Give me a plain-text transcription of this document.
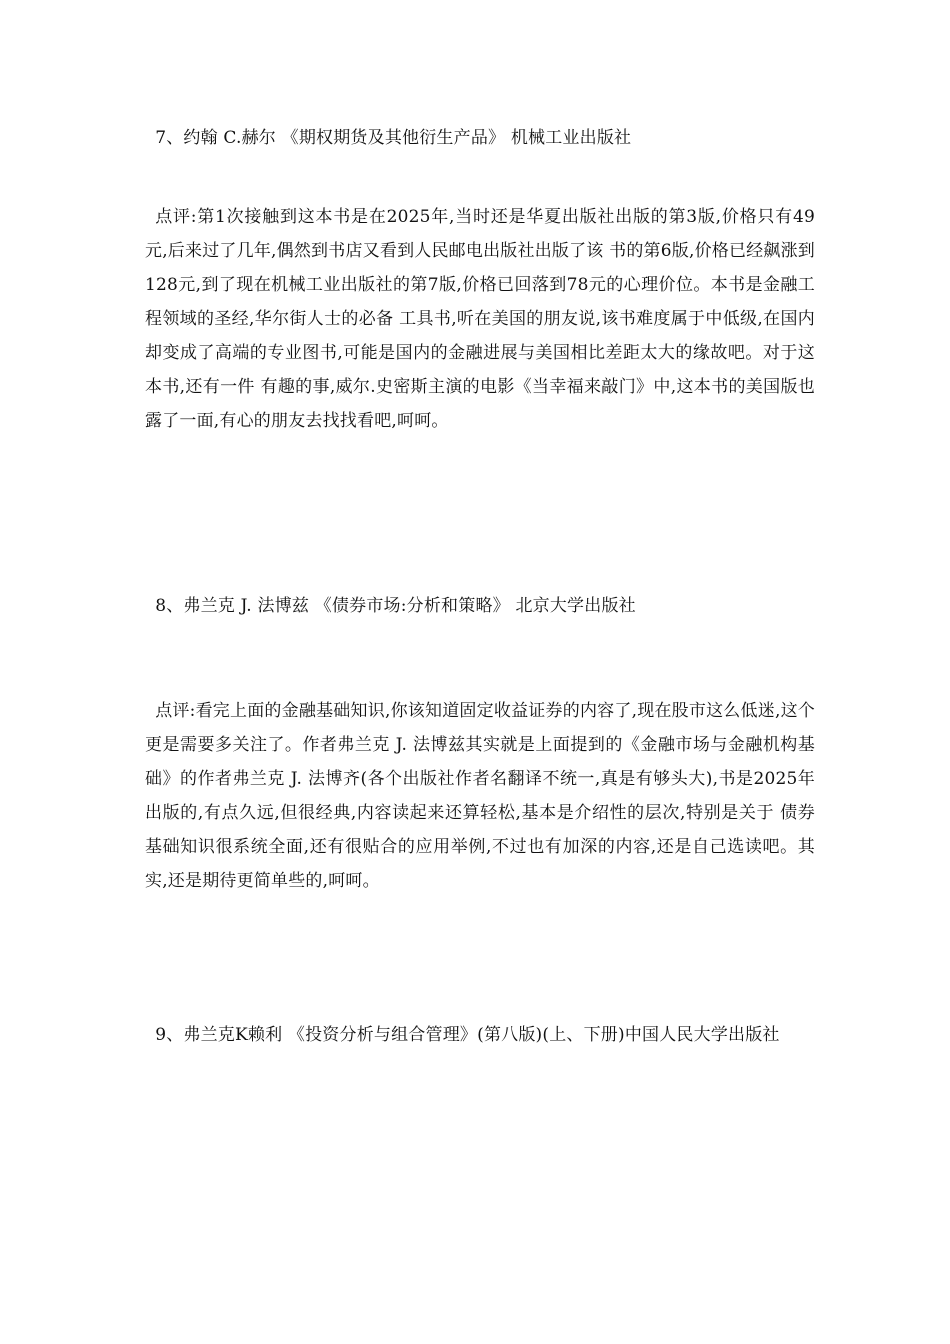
7、约翰 C.赫尔 《期权期货及其他衍生产品》 机械工业出版社
点评:第1次接触到这本书是在2025年,当时还是华夏出版社出版的第3版,价格只有49元,后来过了几年,偶然到书店又看到人民邮电出版社出版了该 书的第6版,价格已经飙涨到128元,到了现在机械工业出版社的第7版,价格已回落到78元的心理价位。本书是金融工程领域的圣经,华尔街人士的必备 工具书,听在美国的朋友说,该书难度属于中低级,在国内却变成了高端的专业图书,可能是国内的金融进展与美国相比差距太大的缘故吧。对于这本书,还有一件 有趣的事,威尔.史密斯主演的电影《当幸福来敲门》中,这本书的美国版也露了一面,有心的朋友去找找看吧,呵呵。
8、弗兰克 J. 法博兹 《债券市场:分析和策略》 北京大学出版社
点评:看完上面的金融基础知识,你该知道固定收益证券的内容了,现在股市这么低迷,这个更是需要多关注了。作者弗兰克 J. 法博兹其实就是上面提到的《金融市场与金融机构基础》的作者弗兰克 J. 法博齐(各个出版社作者名翻译不统一,真是有够头大),书是2025年出版的,有点久远,但很经典,内容读起来还算轻松,基本是介绍性的层次,特别是关于 债券基础知识很系统全面,还有很贴合的应用举例,不过也有加深的内容,还是自己选读吧。其实,还是期待更简单些的,呵呵。
9、弗兰克K赖利 《投资分析与组合管理》(第八版)(上、下册)中国人民大学出版社
